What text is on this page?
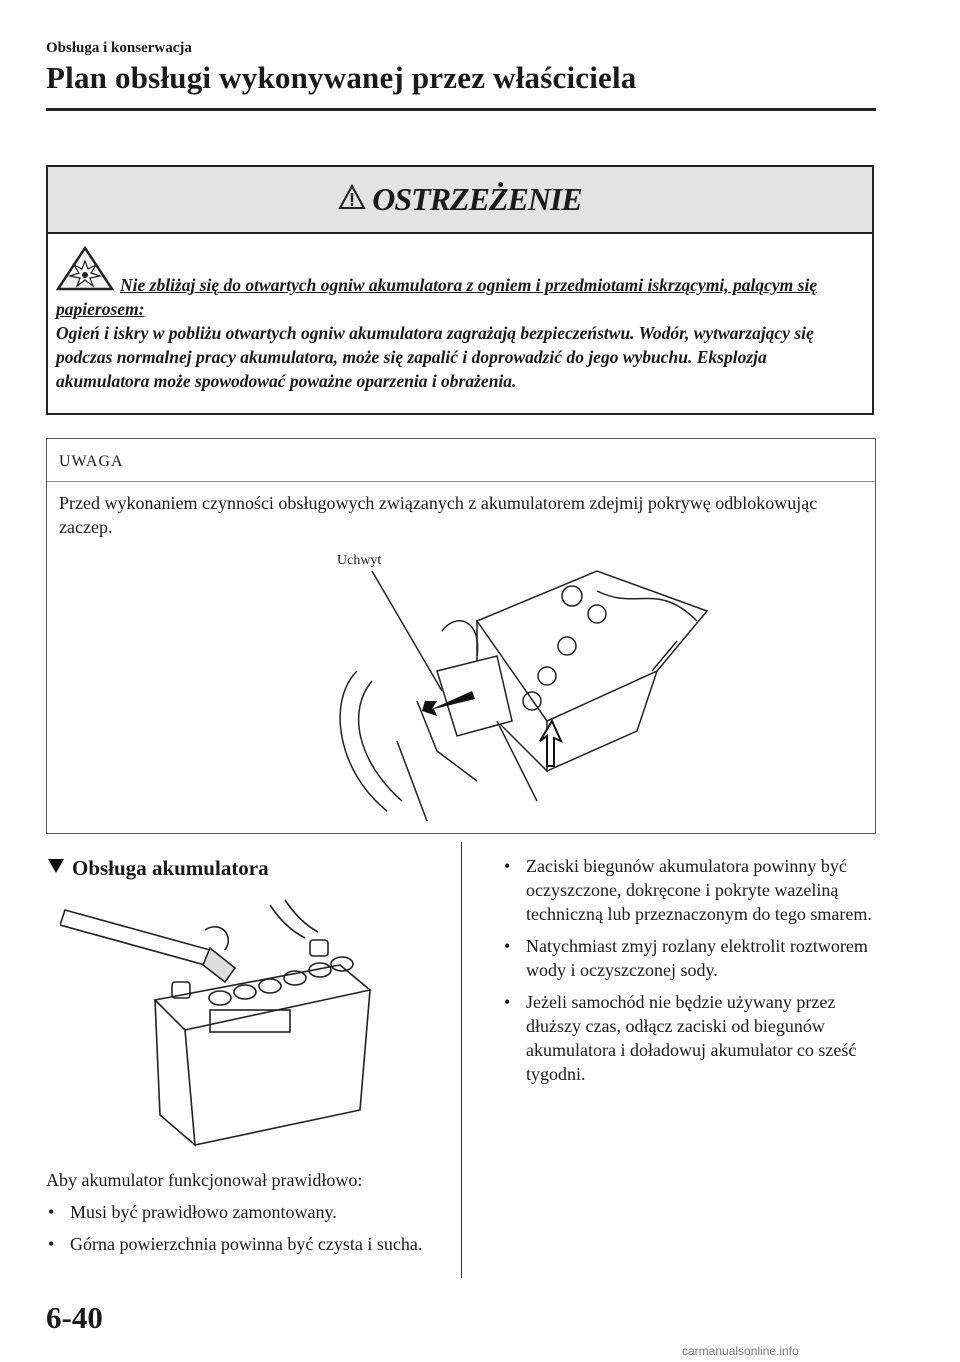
Obsługa i konserwacja
Plan obsługi wykonywanej przez właściciela
OSTRZEŻENIE
Nie zbliżaj się do otwartych ogniw akumulatora z ogniem i przedmiotami iskrzącymi, palącym się papierosem:
Ogień i iskry w pobliżu otwartych ogniw akumulatora zagrażają bezpieczeństwu. Wodór, wytwarzający się podczas normalnej pracy akumulatora, może się zapalić i doprowadzić do jego wybuchu. Eksplozja akumulatora może spowodować poważne oparzenia i obrażenia.
UWAGA
Przed wykonaniem czynności obsługowych związanych z akumulatorem zdejmij pokrywę odblokowując zaczep.
Uchwyt
Obsługa akumulatora
Aby akumulator funkcjonował prawidłowo:
• Musi być prawidłowo zamontowany.
• Górna powierzchnia powinna być czysta i sucha.
• Zaciski biegunów akumulatora powinny być oczyszczone, dokręcone i pokryte wazeliną techniczną lub przeznaczonym do tego smarem.
• Natychmiast zmyj rozlany elektrolit roztworem wody i oczyszczonej sody.
• Jeżeli samochód nie będzie używany przez dłuższy czas, odłącz zaciski od biegunów akumulatora i doładowuj akumulator co sześć tygodni.
6-40
carmanualsonline.info
